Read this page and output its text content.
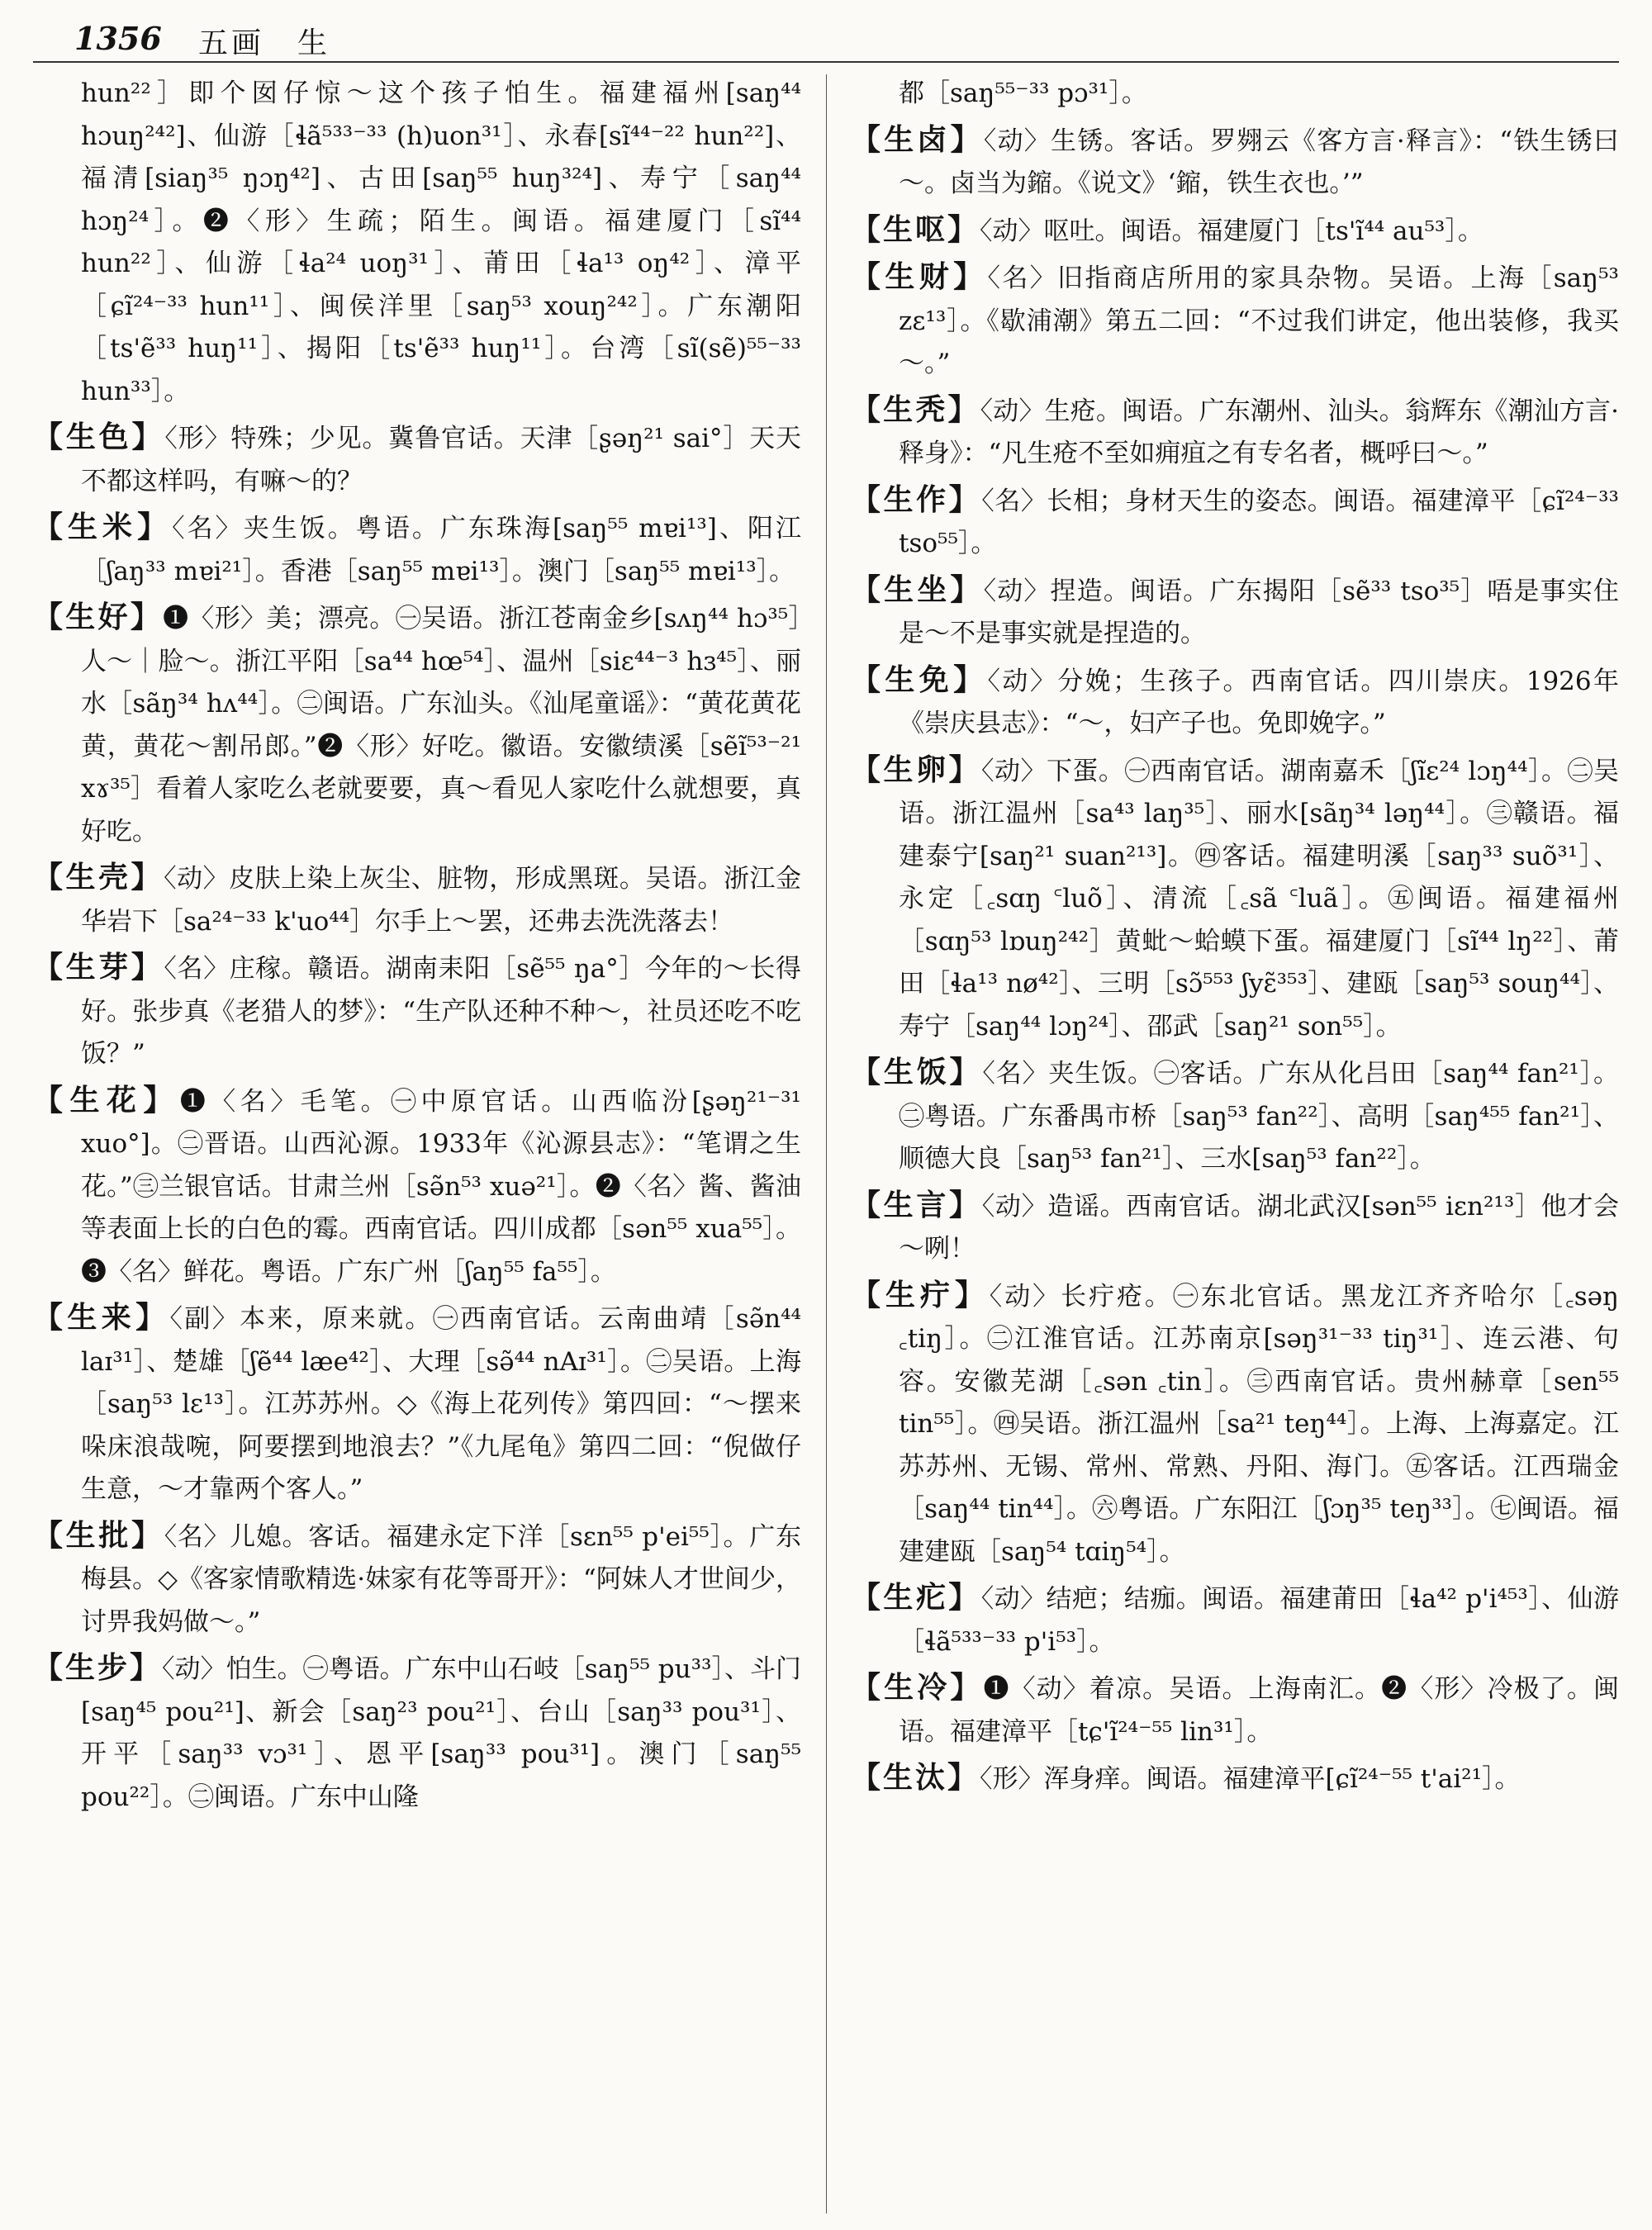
1356 五画　生

hun²²］即个囡仔惊～这个孩子怕生。福建福州[saŋ⁴⁴ hɔuŋ²⁴²]、仙游［ɬã⁵³³⁻³³ (h)uon³¹］、永春[sĩ⁴⁴⁻²² hun²²]、福清[siaŋ³⁵ ŋɔŋ⁴²]、古田[saŋ⁵⁵ huŋ³²⁴]、寿宁［saŋ⁴⁴ hɔŋ²⁴］。❷〈形〉生疏；陌生。闽语。福建厦门［sĩ⁴⁴ hun²²］、仙游［ɬa²⁴ uoŋ³¹］、莆田［ɬa¹³ oŋ⁴²］、漳平［ɕĩ²⁴⁻³³ hun¹¹］、闽侯洋里［saŋ⁵³ xouŋ²⁴²］。广东潮阳［ts'ẽ³³ huŋ¹¹］、揭阳［ts'ẽ³³ huŋ¹¹］。台湾［sĩ(sẽ)⁵⁵⁻³³ hun³³］。

【生色】〈形〉特殊；少见。冀鲁官话。天津［ʂəŋ²¹ sai°］天天不都这样吗，有嘛～的？

【生米】〈名〉夹生饭。粤语。广东珠海[saŋ⁵⁵ mɐi¹³]、阳江［ʃaŋ³³ mɐi²¹］。香港［saŋ⁵⁵ mɐi¹³］。澳门［saŋ⁵⁵ mɐi¹³］。

【生好】❶〈形〉美；漂亮。㊀吴语。浙江苍南金乡[sʌŋ⁴⁴ hɔ³⁵］人～｜脸～。浙江平阳［sa⁴⁴ hœ⁵⁴］、温州［siɛ⁴⁴⁻³ hɜ⁴⁵］、丽水［sãŋ³⁴ hʌ⁴⁴］。㊁闽语。广东汕头。《汕尾童谣》：“黄花黄花黄，黄花～割吊郎。”❷〈形〉好吃。徽语。安徽绩溪［sẽĩ⁵³⁻²¹ xɤ³⁵］看着人家吃么老就要要，真～看见人家吃什么就想要，真好吃。

【生壳】〈动〉皮肤上染上灰尘、脏物，形成黑斑。吴语。浙江金华岩下［sa²⁴⁻³³ k'uo⁴⁴］尔手上～罢，还弗去洗洗落去！

【生芽】〈名〉庄稼。赣语。湖南耒阳［sẽ⁵⁵ ŋa°］今年的～长得好。张步真《老猎人的梦》：“生产队还种不种～，社员还吃不吃饭？”

【生花】❶〈名〉毛笔。㊀中原官话。山西临汾[ʂəŋ²¹⁻³¹ xuo°]。㊁晋语。山西沁源。1933年《沁源县志》：“笔谓之生花。”㊂兰银官话。甘肃兰州［sə̃n⁵³ xuə²¹］。❷〈名〉酱、酱油等表面上长的白色的霉。西南官话。四川成都［sən⁵⁵ xua⁵⁵］。❸〈名〉鲜花。粤语。广东广州［ʃaŋ⁵⁵ fa⁵⁵］。

【生来】〈副〉本来，原来就。㊀西南官话。云南曲靖［sə̃n⁴⁴ laɪ³¹］、楚雄［ʃẽ⁴⁴ læe⁴²］、大理［sə̃⁴⁴ nAɪ³¹］。㊁吴语。上海［saŋ⁵³ lɛ¹³］。江苏苏州。◇《海上花列传》第四回：“～摆来哚床浪哉啘，阿要摆到地浪去？”《九尾龟》第四二回：“倪做仔生意，～才靠两个客人。”

【生批】〈名〉儿媳。客话。福建永定下洋［sɛn⁵⁵ p'ei⁵⁵］。广东梅县。◇《客家情歌精选·妹家有花等哥开》：“阿妹人才世间少，讨畀我妈做～。”

【生步】〈动〉怕生。㊀粤语。广东中山石岐［saŋ⁵⁵ pu³³］、斗门[saŋ⁴⁵ pou²¹]、新会［saŋ²³ pou²¹］、台山［saŋ³³ pou³¹］、开平［saŋ³³ vɔ³¹］、恩平[saŋ³³ pou³¹]。澳门［saŋ⁵⁵ pou²²］。㊁闽语。广东中山隆

都［saŋ⁵⁵⁻³³ pɔ³¹］。

【生卤】〈动〉生锈。客话。罗翙云《客方言·释言》：“铁生锈曰～。卤当为鏥。《说文》‘鏥，铁生衣也。’”

【生呕】〈动〉呕吐。闽语。福建厦门［ts'ĩ⁴⁴ au⁵³］。

【生财】〈名〉旧指商店所用的家具杂物。吴语。上海［saŋ⁵³ zɛ¹³］。《歇浦潮》第五二回：“不过我们讲定，他出装修，我买～。”

【生秃】〈动〉生疮。闽语。广东潮州、汕头。翁辉东《潮汕方言·释身》：“凡生疮不至如痈疽之有专名者，概呼曰～。”

【生作】〈名〉长相；身材天生的姿态。闽语。福建漳平［ɕĩ²⁴⁻³³ tso⁵⁵］。

【生坐】〈动〉捏造。闽语。广东揭阳［sẽ³³ tso³⁵］唔是事实住是～不是事实就是捏造的。

【生免】〈动〉分娩；生孩子。西南官话。四川崇庆。1926年《崇庆县志》：“～，妇产子也。免即娩字。”

【生卵】〈动〉下蛋。㊀西南官话。湖南嘉禾［ʃĩɛ²⁴ lɔŋ⁴⁴］。㊁吴语。浙江温州［sa⁴³ laŋ³⁵］、丽水[sãŋ³⁴ ləŋ⁴⁴］。㊂赣语。福建泰宁[saŋ²¹ suan²¹³]。㊃客话。福建明溪［saŋ³³ suõ³¹］、永定［꜀sɑŋ ꜂luõ］、清流［꜀sã ꜂luã］。㊄闽语。福建福州［sɑŋ⁵³ lɒuŋ²⁴²］黄蚍～蛤蟆下蛋。福建厦门［sĩ⁴⁴ lŋ²²］、莆田［ɬa¹³ nø⁴²］、三明［sɔ̃⁵⁵³ ʃyɛ̃³⁵³］、建瓯［saŋ⁵³ souŋ⁴⁴］、寿宁［saŋ⁴⁴ lɔŋ²⁴］、邵武［saŋ²¹ son⁵⁵］。

【生饭】〈名〉夹生饭。㊀客话。广东从化吕田［saŋ⁴⁴ fan²¹］。㊁粤语。广东番禺市桥［saŋ⁵³ fan²²］、高明［saŋ⁴⁵⁵ fan²¹］、顺德大良［saŋ⁵³ fan²¹］、三水[saŋ⁵³ fan²²］。

【生言】〈动〉造谣。西南官话。湖北武汉[sən⁵⁵ iɛn²¹³］他才会～咧！

【生疔】〈动〉长疔疮。㊀东北官话。黑龙江齐齐哈尔［꜀səŋ ꜀tiŋ］。㊁江淮官话。江苏南京[səŋ³¹⁻³³ tiŋ³¹］、连云港、句容。安徽芜湖［꜀sən ꜀tin］。㊂西南官话。贵州赫章［sen⁵⁵ tin⁵⁵］。㊃吴语。浙江温州［sa²¹ teŋ⁴⁴］。上海、上海嘉定。江苏苏州、无锡、常州、常熟、丹阳、海门。㊄客话。江西瑞金［saŋ⁴⁴ tin⁴⁴］。㊅粤语。广东阳江［ʃɔŋ³⁵ teŋ³³］。㊆闽语。福建建瓯［saŋ⁵⁴ tɑiŋ⁵⁴］。

【生疕】〈动〉结疤；结痂。闽语。福建莆田［ɬa⁴² p'i⁴⁵³］、仙游［ɬã⁵³³⁻³³ p'i⁵³］。

【生冷】❶〈动〉着凉。吴语。上海南汇。❷〈形〉冷极了。闽语。福建漳平［tɕ'ĩ²⁴⁻⁵⁵ lin³¹］。

【生汰】〈形〉浑身痒。闽语。福建漳平[ɕĩ²⁴⁻⁵⁵ t'ai²¹］。
